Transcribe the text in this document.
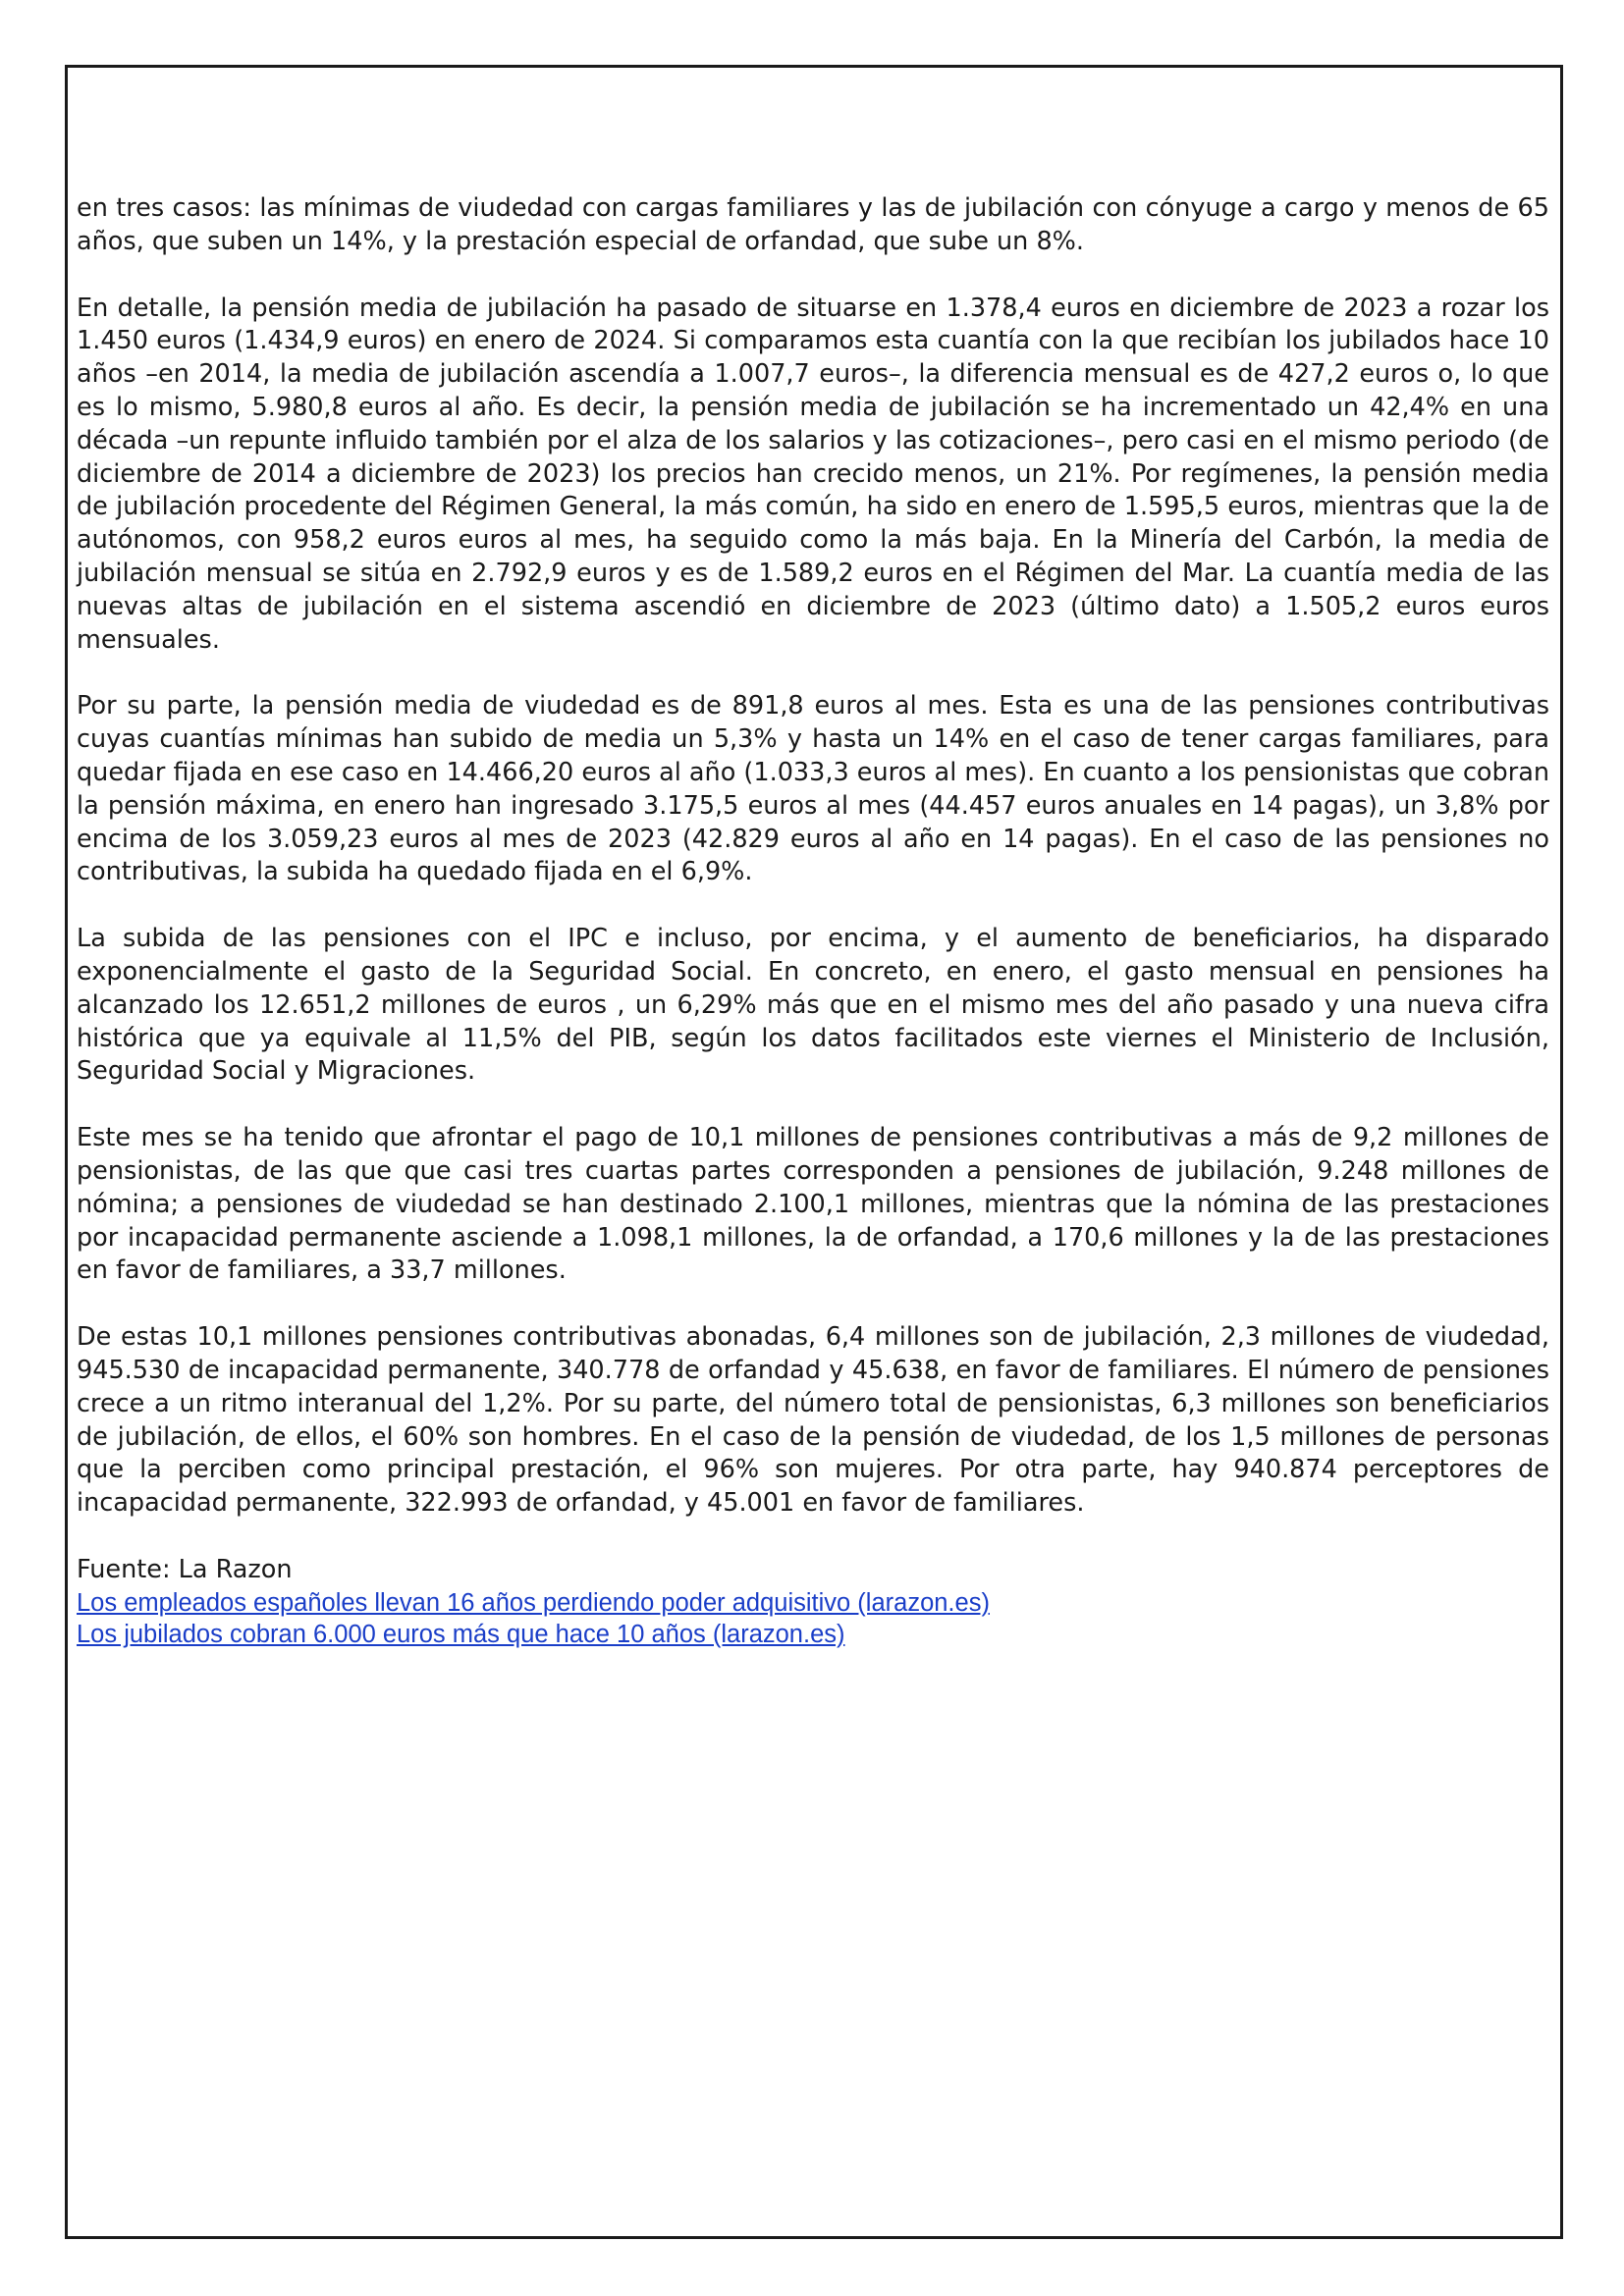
en tres casos: las mínimas de viudedad con cargas familiares y las de jubilación con cónyuge a cargo y menos de 65 años, que suben un 14%, y la prestación especial de orfandad, que sube un 8%.

En detalle, la pensión media de jubilación ha pasado de situarse en 1.378,4 euros en diciembre de 2023 a rozar los 1.450 euros (1.434,9 euros) en enero de 2024. Si comparamos esta cuantía con la que recibían los jubilados hace 10 años –en 2014, la media de jubilación ascendía a 1.007,7 euros–, la diferencia mensual es de 427,2 euros o, lo que es lo mismo, 5.980,8 euros al año. Es decir, la pensión media de jubilación se ha incrementado un 42,4% en una década –un repunte influido también por el alza de los salarios y las cotizaciones–, pero casi en el mismo periodo (de diciembre de 2014 a diciembre de 2023) los precios han crecido menos, un 21%. Por regímenes, la pensión media de jubilación procedente del Régimen General, la más común, ha sido en enero de 1.595,5 euros, mientras que la de autónomos, con 958,2 euros euros al mes, ha seguido como la más baja. En la Minería del Carbón, la media de jubilación mensual se sitúa en 2.792,9 euros y es de 1.589,2 euros en el Régimen del Mar. La cuantía media de las nuevas altas de jubilación en el sistema ascendió en diciembre de 2023 (último dato) a 1.505,2 euros euros mensuales.

Por su parte, la pensión media de viudedad es de 891,8 euros al mes. Esta es una de las pensiones contributivas cuyas cuantías mínimas han subido de media un 5,3% y hasta un 14% en el caso de tener cargas familiares, para quedar fijada en ese caso en 14.466,20 euros al año (1.033,3 euros al mes). En cuanto a los pensionistas que cobran la pensión máxima, en enero han ingresado 3.175,5 euros al mes (44.457 euros anuales en 14 pagas), un 3,8% por encima de los 3.059,23 euros al mes de 2023 (42.829 euros al año en 14 pagas). En el caso de las pensiones no contributivas, la subida ha quedado fijada en el 6,9%.

La subida de las pensiones con el IPC e incluso, por encima, y el aumento de beneficiarios, ha disparado exponencialmente el gasto de la Seguridad Social. En concreto, en enero, el gasto mensual en pensiones ha alcanzado los 12.651,2 millones de euros , un 6,29% más que en el mismo mes del año pasado y una nueva cifra histórica que ya equivale al 11,5% del PIB, según los datos facilitados este viernes el Ministerio de Inclusión, Seguridad Social y Migraciones.

Este mes se ha tenido que afrontar el pago de 10,1 millones de pensiones contributivas a más de 9,2 millones de pensionistas, de las que que casi tres cuartas partes corresponden a pensiones de jubilación, 9.248 millones de nómina; a pensiones de viudedad se han destinado 2.100,1 millones, mientras que la nómina de las prestaciones por incapacidad permanente asciende a 1.098,1 millones, la de orfandad, a 170,6 millones y la de las prestaciones en favor de familiares, a 33,7 millones.

De estas 10,1 millones pensiones contributivas abonadas, 6,4 millones son de jubilación, 2,3 millones de viudedad, 945.530 de incapacidad permanente, 340.778 de orfandad y 45.638, en favor de familiares. El número de pensiones crece a un ritmo interanual del 1,2%. Por su parte, del número total de pensionistas, 6,3 millones son beneficiarios de jubilación, de ellos, el 60% son hombres. En el caso de la pensión de viudedad, de los 1,5 millones de personas que la perciben como principal prestación, el 96% son mujeres. Por otra parte, hay 940.874 perceptores de incapacidad permanente, 322.993 de orfandad, y 45.001 en favor de familiares.

Fuente: La Razon

Los empleados españoles llevan 16 años perdiendo poder adquisitivo (larazon.es)
Los jubilados cobran 6.000 euros más que hace 10 años (larazon.es)
